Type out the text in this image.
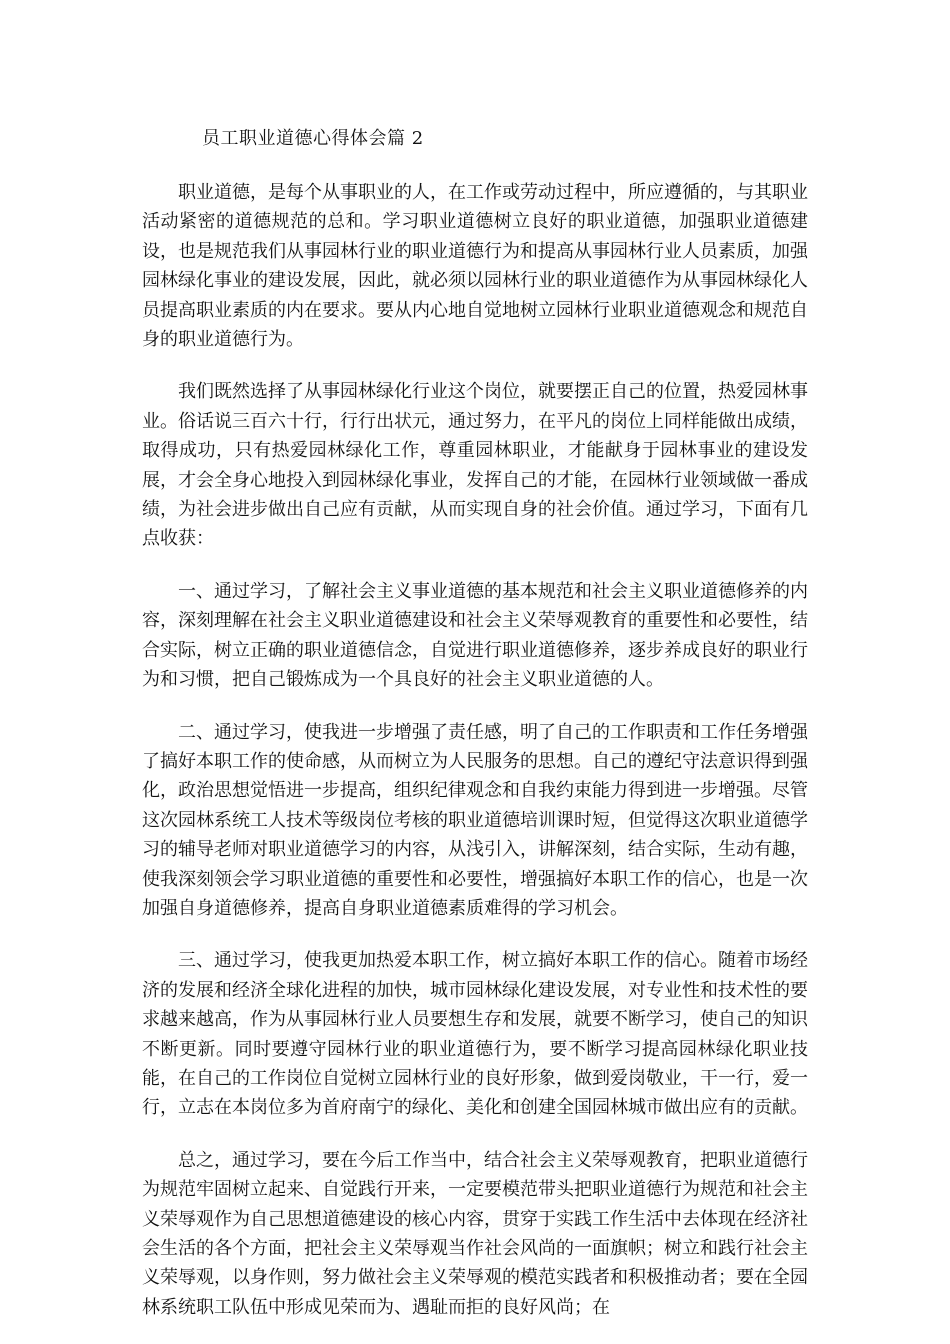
员工职业道德心得体会篇 2

职业道德，是每个从事职业的人，在工作或劳动过程中，所应遵循的，与其职业活动紧密的道德规范的总和。学习职业道德树立良好的职业道德，加强职业道德建设，也是规范我们从事园林行业的职业道德行为和提高从事园林行业人员素质，加强园林绿化事业的建设发展，因此，就必须以园林行业的职业道德作为从事园林绿化人员提高职业素质的内在要求。要从内心地自觉地树立园林行业职业道德观念和规范自身的职业道德行为。

我们既然选择了从事园林绿化行业这个岗位，就要摆正自己的位置，热爱园林事业。俗话说三百六十行，行行出状元，通过努力，在平凡的岗位上同样能做出成绩，取得成功，只有热爱园林绿化工作，尊重园林职业，才能献身于园林事业的建设发展，才会全身心地投入到园林绿化事业，发挥自己的才能，在园林行业领域做一番成绩，为社会进步做出自己应有贡献，从而实现自身的社会价值。通过学习，下面有几点收获：

一、通过学习，了解社会主义事业道德的基本规范和社会主义职业道德修养的内容，深刻理解在社会主义职业道德建设和社会主义荣辱观教育的重要性和必要性，结合实际，树立正确的职业道德信念，自觉进行职业道德修养，逐步养成良好的职业行为和习惯，把自己锻炼成为一个具良好的社会主义职业道德的人。

二、通过学习，使我进一步增强了责任感，明了自己的工作职责和工作任务增强了搞好本职工作的使命感，从而树立为人民服务的思想。自己的遵纪守法意识得到强化，政治思想觉悟进一步提高，组织纪律观念和自我约束能力得到进一步增强。尽管这次园林系统工人技术等级岗位考核的职业道德培训课时短，但觉得这次职业道德学习的辅导老师对职业道德学习的内容，从浅引入，讲解深刻，结合实际，生动有趣，使我深刻领会学习职业道德的重要性和必要性，增强搞好本职工作的信心，也是一次加强自身道德修养，提高自身职业道德素质难得的学习机会。

三、通过学习，使我更加热爱本职工作，树立搞好本职工作的信心。随着市场经济的发展和经济全球化进程的加快，城市园林绿化建设发展，对专业性和技术性的要求越来越高，作为从事园林行业人员要想生存和发展，就要不断学习，使自己的知识不断更新。同时要遵守园林行业的职业道德行为，要不断学习提高园林绿化职业技能，在自己的工作岗位自觉树立园林行业的良好形象，做到爱岗敬业，干一行，爱一行，立志在本岗位多为首府南宁的绿化、美化和创建全国园林城市做出应有的贡献。

总之，通过学习，要在今后工作当中，结合社会主义荣辱观教育，把职业道德行为规范牢固树立起来、自觉践行开来，一定要模范带头把职业道德行为规范和社会主义荣辱观作为自己思想道德建设的核心内容，贯穿于实践工作生活中去体现在经济社会生活的各个方面，把社会主义荣辱观当作社会风尚的一面旗帜；树立和践行社会主义荣辱观，以身作则，努力做社会主义荣辱观的模范实践者和积极推动者；要在全园林系统职工队伍中形成见荣而为、遇耻而拒的良好风尚；在
